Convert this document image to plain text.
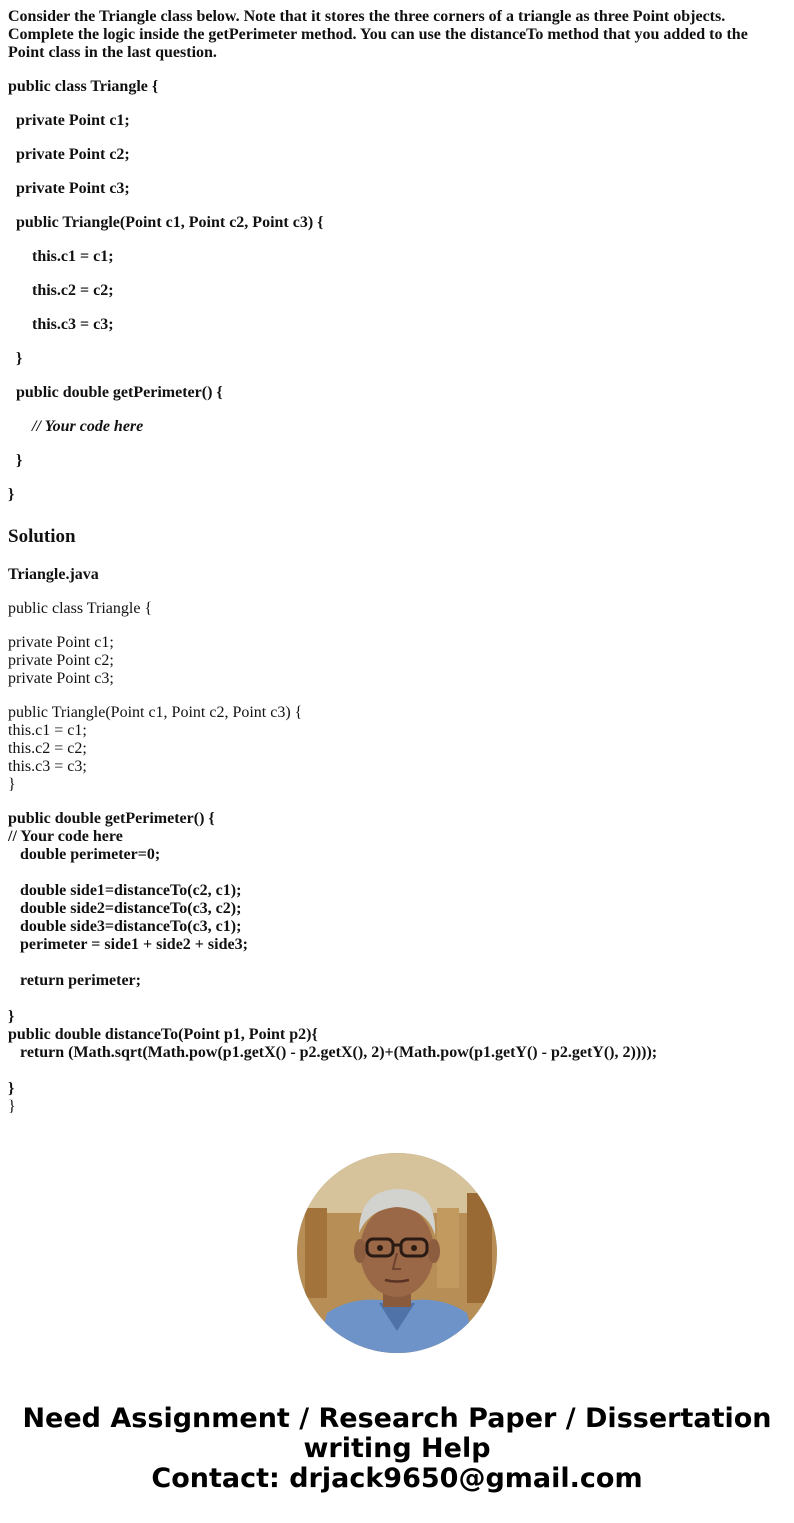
Consider the Triangle class below. Note that it stores the three corners of a triangle as three Point objects. Complete the logic inside the getPerimeter method. You can use the distanceTo method that you added to the Point class in the last question.
public class Triangle {
private Point c1;
private Point c2;
private Point c3;
public Triangle(Point c1, Point c2, Point c3) {
this.c1 = c1;
this.c2 = c2;
this.c3 = c3;
}
public double getPerimeter() {
// Your code here
}
}
Solution
Triangle.java
public class Triangle {
private Point c1;
private Point c2;
private Point c3;
public Triangle(Point c1, Point c2, Point c3) {
this.c1 = c1;
this.c2 = c2;
this.c3 = c3;
}
public double getPerimeter() {
// Your code here
double perimeter=0;
double side1=distanceTo(c2, c1);
double side2=distanceTo(c3, c2);
double side3=distanceTo(c3, c1);
perimeter = side1 + side2 + side3;
return perimeter;
}
public double distanceTo(Point p1, Point p2){
return (Math.sqrt(Math.pow(p1.getX() - p2.getX(), 2)+(Math.pow(p1.getY() - p2.getY(), 2))));
}
}
Need Assignment / Research Paper / Dissertation
writing Help
Contact: drjack9650@gmail.com
